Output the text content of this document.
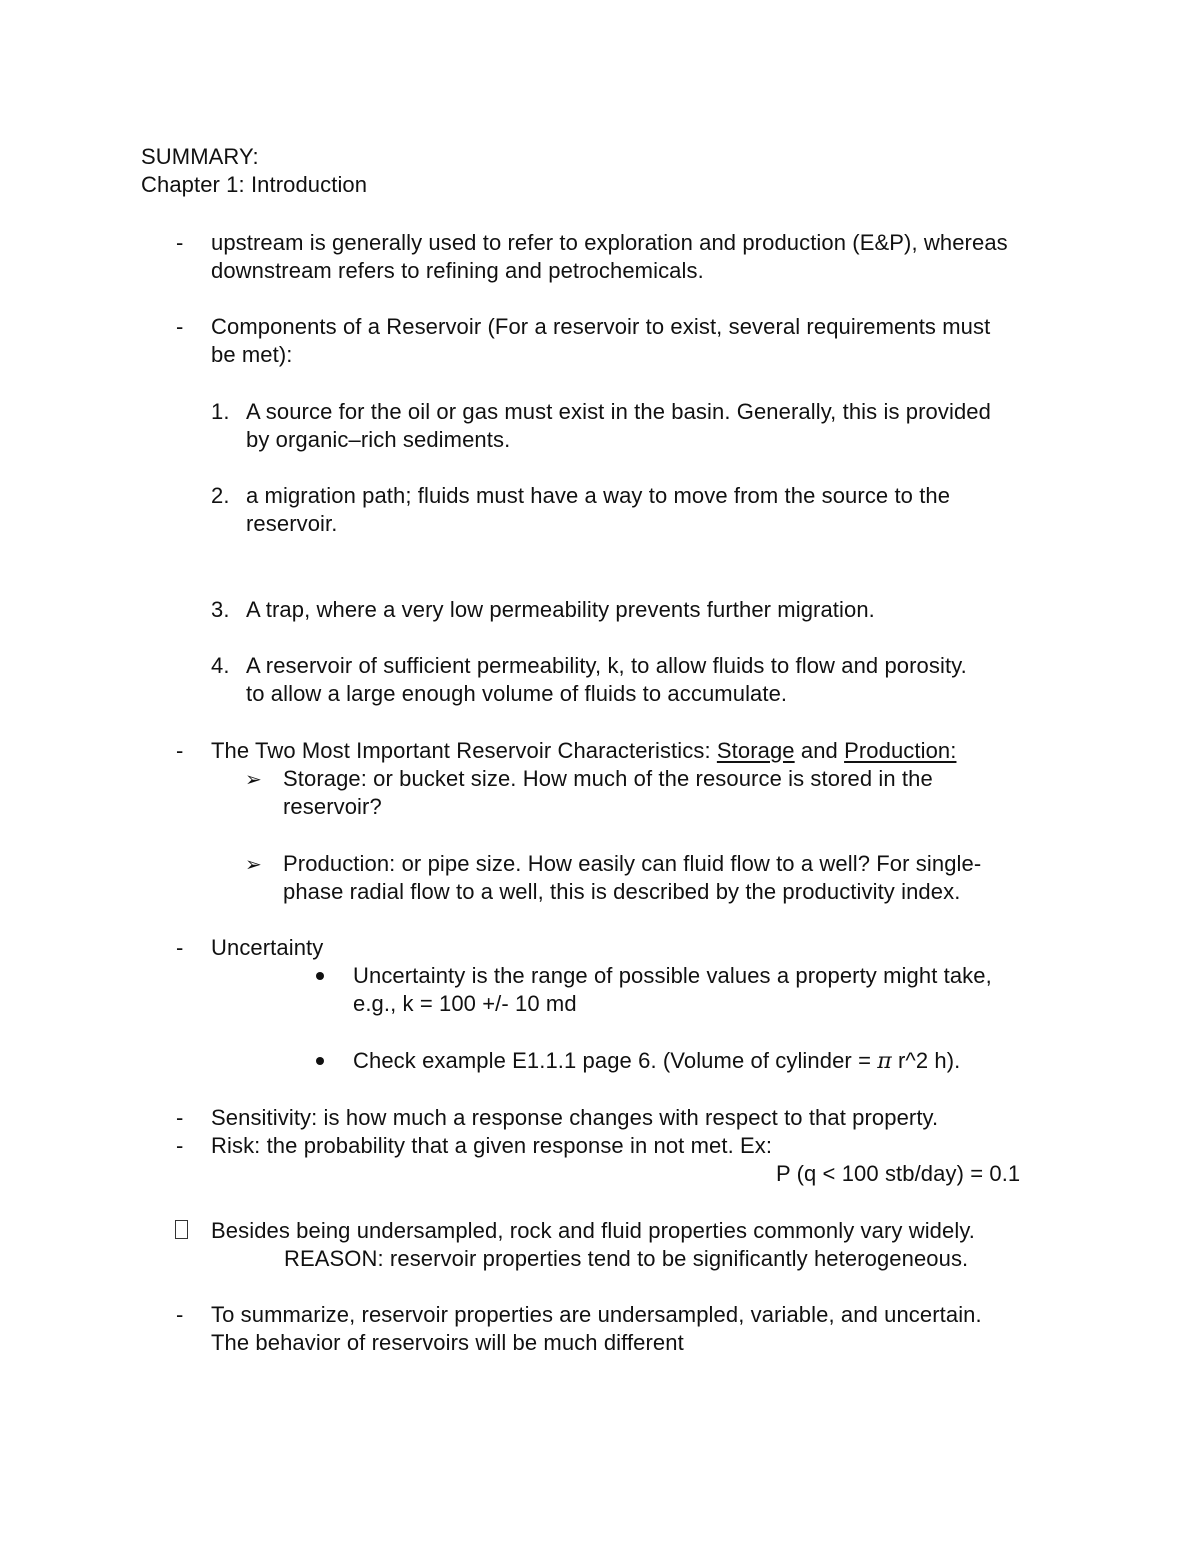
SUMMARY:
Chapter 1: Introduction
- upstream is generally used to refer to exploration and production (E&P), whereas
downstream refers to refining and petrochemicals.
- Components of a Reservoir (For a reservoir to exist, several requirements must
be met):
1. A source for the oil or gas must exist in the basin. Generally, this is provided
by organic–rich sediments.
2. a migration path; fluids must have a way to move from the source to the
reservoir.
3. A trap, where a very low permeability prevents further migration.
4. A reservoir of sufficient permeability, k, to allow fluids to flow and porosity.
to allow a large enough volume of fluids to accumulate.
- The Two Most Important Reservoir Characteristics: Storage and Production:
➢ Storage: or bucket size. How much of the resource is stored in the
reservoir?
➢ Production: or pipe size. How easily can fluid flow to a well? For single-
phase radial flow to a well, this is described by the productivity index.
- Uncertainty
Uncertainty is the range of possible values a property might take,
e.g., k = 100 +/- 10 md
Check example E1.1.1 page 6. (Volume of cylinder = π r^2 h).
- Sensitivity: is how much a response changes with respect to that property.
- Risk: the probability that a given response in not met. Ex:
P (q < 100 stb/day) = 0.1
Besides being undersampled, rock and fluid properties commonly vary widely.
REASON: reservoir properties tend to be significantly heterogeneous.
- To summarize, reservoir properties are undersampled, variable, and uncertain.
The behavior of reservoirs will be much different
